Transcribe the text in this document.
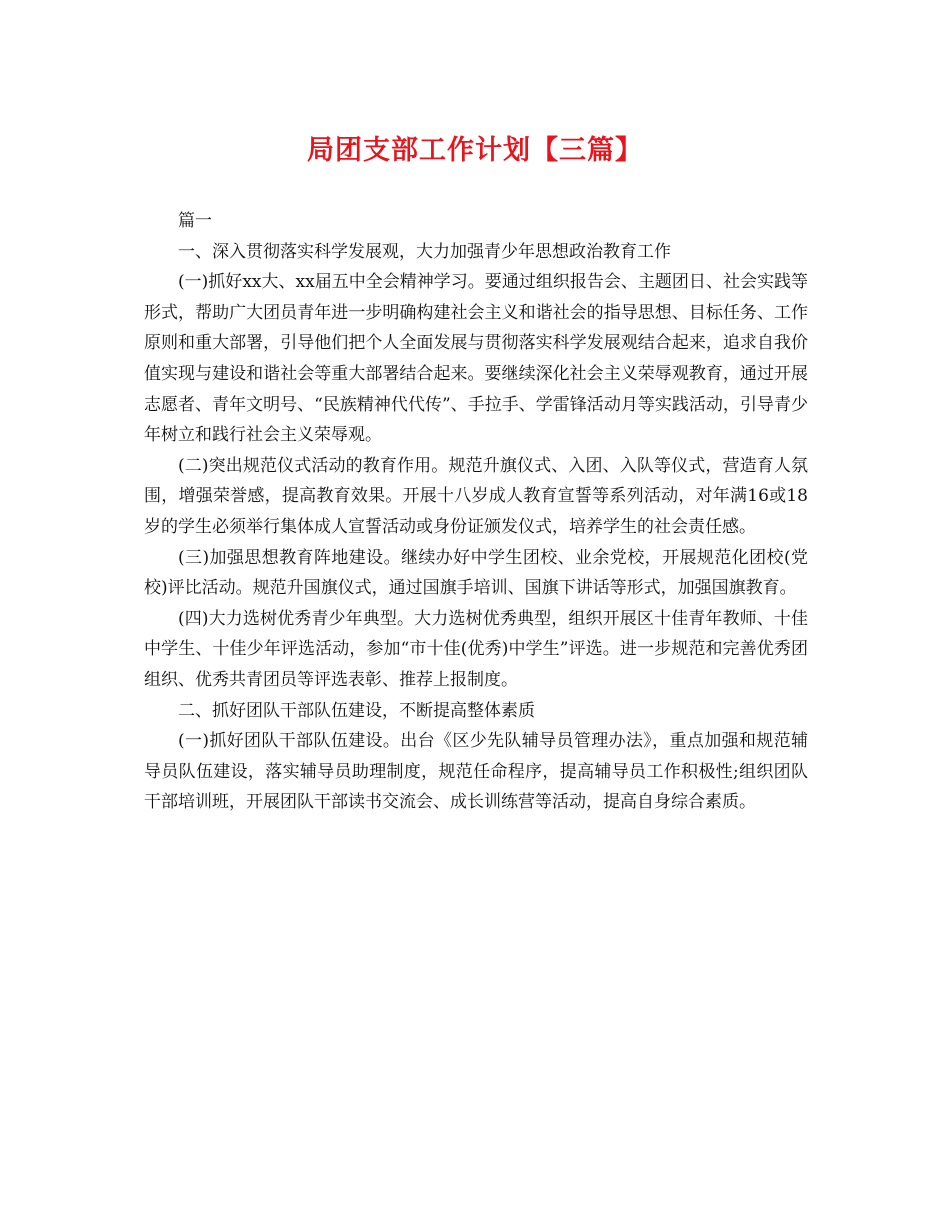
局团支部工作计划【三篇】

篇一

一、深入贯彻落实科学发展观，大力加强青少年思想政治教育工作

(一)抓好xx大、xx届五中全会精神学习。要通过组织报告会、主题团日、社会实践等形式，帮助广大团员青年进一步明确构建社会主义和谐社会的指导思想、目标任务、工作原则和重大部署，引导他们把个人全面发展与贯彻落实科学发展观结合起来，追求自我价值实现与建设和谐社会等重大部署结合起来。要继续深化社会主义荣辱观教育，通过开展志愿者、青年文明号、“民族精神代代传”、手拉手、学雷锋活动月等实践活动，引导青少年树立和践行社会主义荣辱观。

(二)突出规范仪式活动的教育作用。规范升旗仪式、入团、入队等仪式，营造育人氛围，增强荣誉感，提高教育效果。开展十八岁成人教育宣誓等系列活动，对年满16或18岁的学生必须举行集体成人宣誓活动或身份证颁发仪式，培养学生的社会责任感。

(三)加强思想教育阵地建设。继续办好中学生团校、业余党校，开展规范化团校(党校)评比活动。规范升国旗仪式，通过国旗手培训、国旗下讲话等形式，加强国旗教育。

(四)大力选树优秀青少年典型。大力选树优秀典型，组织开展区十佳青年教师、十佳中学生、十佳少年评选活动，参加“市十佳(优秀)中学生”评选。进一步规范和完善优秀团组织、优秀共青团员等评选表彰、推荐上报制度。

二、抓好团队干部队伍建设，不断提高整体素质

(一)抓好团队干部队伍建设。出台《区少先队辅导员管理办法》，重点加强和规范辅导员队伍建设，落实辅导员助理制度，规范任命程序，提高辅导员工作积极性;组织团队干部培训班，开展团队干部读书交流会、成长训练营等活动，提高自身综合素质。
